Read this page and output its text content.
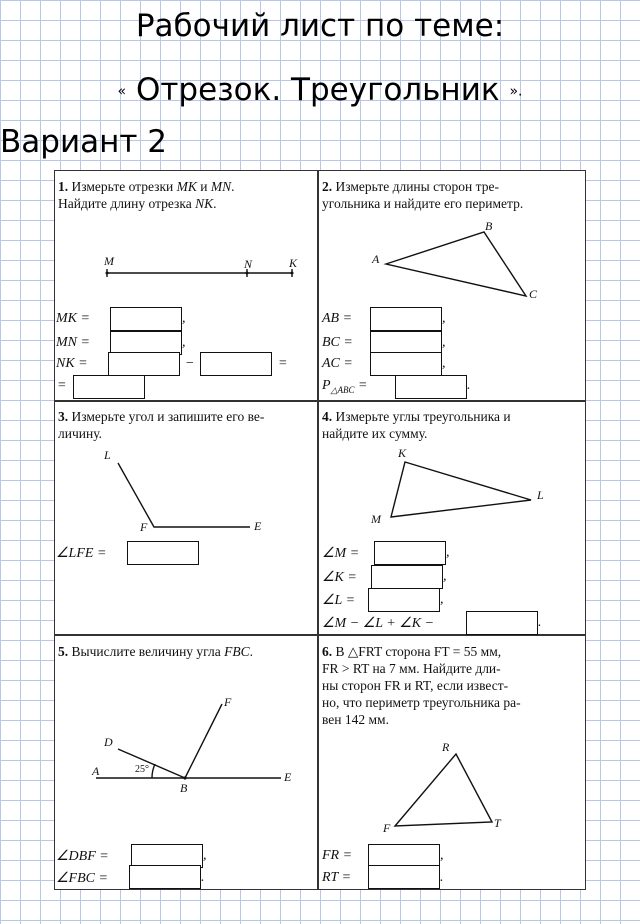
Рабочий лист по теме:
« Отрезок. Треугольник ».
Вариант 2
1. Измерьте отрезки MK и MN.
Найдите длину отрезка NK.
M	N	K
MK =	,
MN =	,
NK =	−	=
=
2. Измерьте длины сторон тре-
угольника и найдите его периметр.
B
A
C
AB =	,
BC =	,
AC =	,
$P_{\triangle ABC}$ =	.
3. Измерьте угол и запишите его ве-
личину.
L
F	E
∠LFE =
4. Измерьте углы треугольника и
найдите их сумму.
K
L
M
∠M =	,
∠K =	,
∠L =	,
∠M − ∠L + ∠K −	.
5. Вычислите величину угла FBC.
D
F
A
B
E
25°
∠DBF =	,
∠FBC =	.
6. В △FRT сторона FT = 55 мм,
FR > RT на 7 мм. Найдите дли-
ны сторон FR и RT, если извест-
но, что периметр треугольника ра-
вен 142 мм.
R
F	T
FR =	,
RT =	.
